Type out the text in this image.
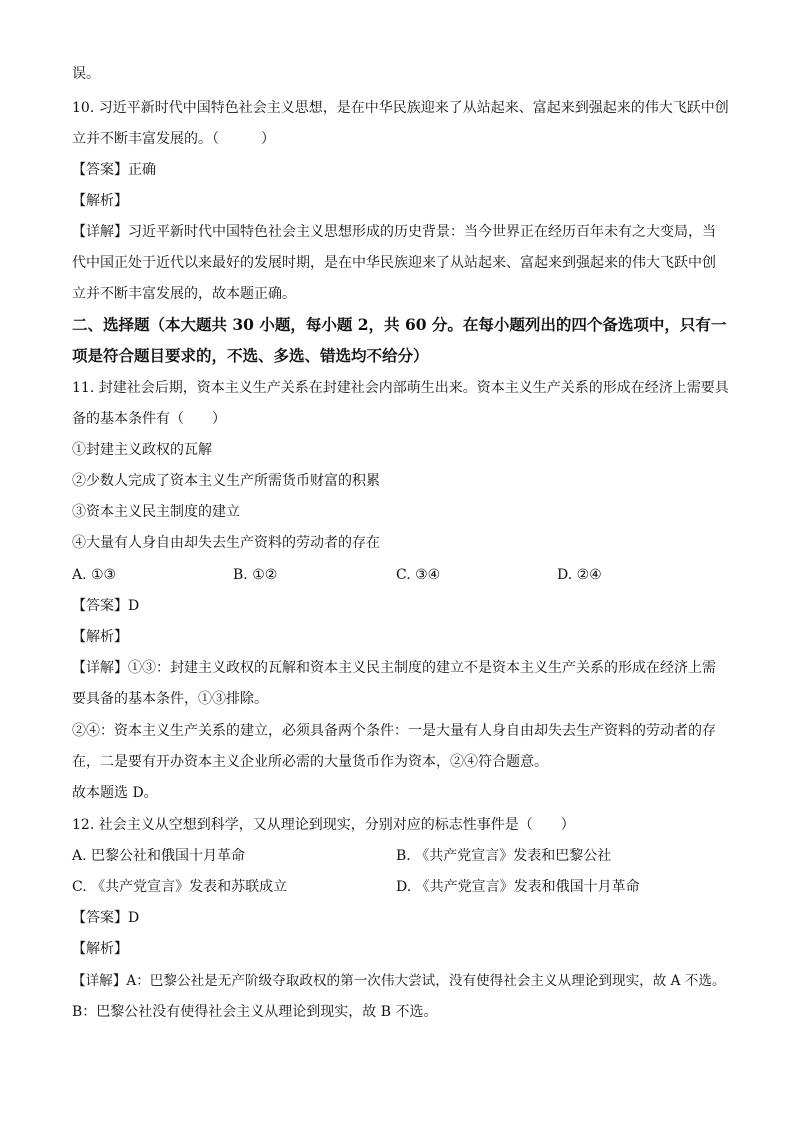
误。
10. 习近平新时代中国特色社会主义思想，是在中华民族迎来了从站起来、富起来到强起来的伟大飞跃中创
立并不断丰富发展的。（　　　）
【答案】正确
【解析】
【详解】习近平新时代中国特色社会主义思想形成的历史背景：当今世界正在经历百年未有之大变局，当
代中国正处于近代以来最好的发展时期，是在中华民族迎来了从站起来、富起来到强起来的伟大飞跃中创
立并不断丰富发展的，故本题正确。
二、选择题（本大题共 30 小题，每小题 2，共 60 分。在每小题列出的四个备选项中，只有一
项是符合题目要求的，不选、多选、错选均不给分）
11. 封建社会后期，资本主义生产关系在封建社会内部萌生出来。资本主义生产关系的形成在经济上需要具
备的基本条件有（　　）
①封建主义政权的瓦解
②少数人完成了资本主义生产所需货币财富的积累
③资本主义民主制度的建立
④大量有人身自由却失去生产资料的劳动者的存在
A. ①③	B. ①②	C. ③④	D. ②④
【答案】D
【解析】
【详解】①③：封建主义政权的瓦解和资本主义民主制度的建立不是资本主义生产关系的形成在经济上需
要具备的基本条件，①③排除。
②④：资本主义生产关系的建立，必须具备两个条件：一是大量有人身自由却失去生产资料的劳动者的存
在，二是要有开办资本主义企业所必需的大量货币作为资本，②④符合题意。
故本题选 D。
12. 社会主义从空想到科学，又从理论到现实，分别对应的标志性事件是（　　）
A. 巴黎公社和俄国十月革命	B. 《共产党宣言》发表和巴黎公社
C. 《共产党宣言》发表和苏联成立	D. 《共产党宣言》发表和俄国十月革命
【答案】D
【解析】
【详解】A：巴黎公社是无产阶级夺取政权的第一次伟大尝试，没有使得社会主义从理论到现实，故 A 不选。
B：巴黎公社没有使得社会主义从理论到现实，故 B 不选。
